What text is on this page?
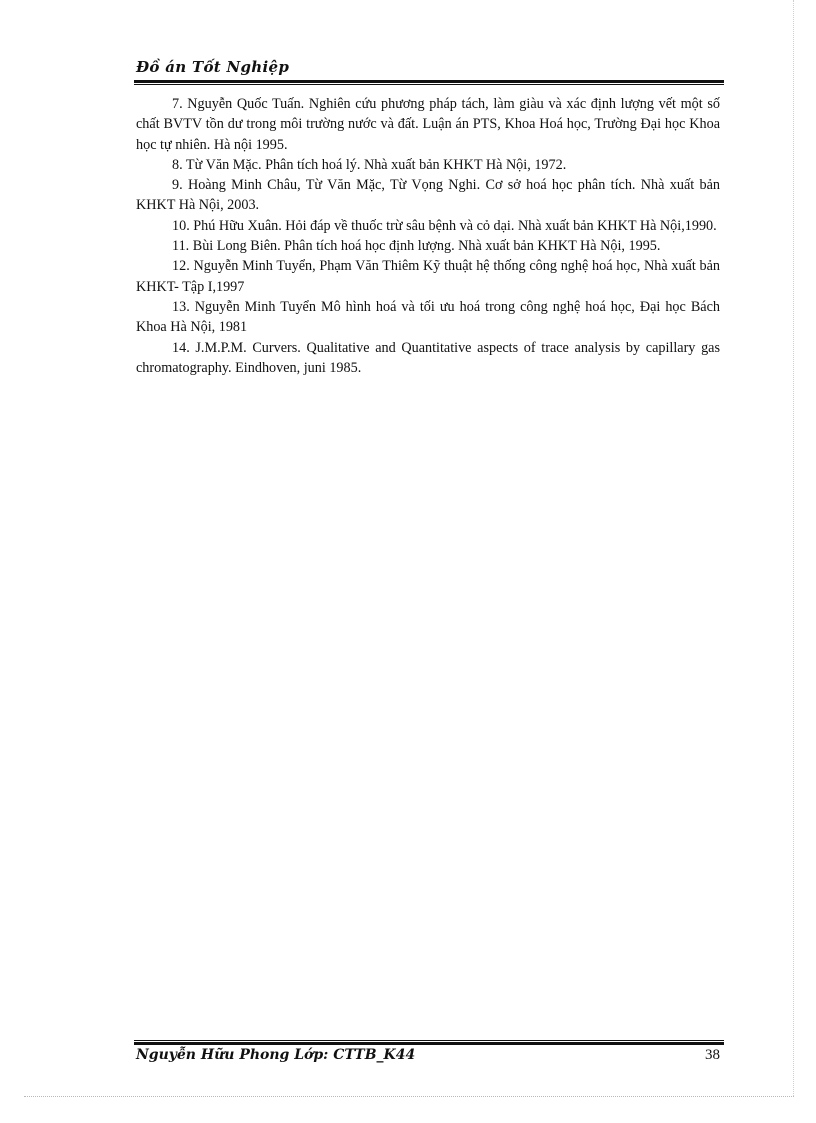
Đồ án Tốt Nghiệp

7. Nguyễn Quốc Tuấn. Nghiên cứu phương pháp tách, làm giàu và xác định lượng vết một số chất BVTV tồn dư trong môi trường nước và đất. Luận án PTS, Khoa Hoá học, Trường Đại học Khoa học tự nhiên. Hà nội 1995.

8. Từ Văn Mặc. Phân tích hoá lý. Nhà xuất bản KHKT Hà Nội, 1972.

9. Hoàng Minh Châu, Từ Văn Mặc, Từ Vọng Nghi. Cơ sở hoá học phân tích. Nhà xuất bản KHKT Hà Nội, 2003.

10. Phú Hữu Xuân. Hỏi đáp về thuốc trừ sâu bệnh và cỏ dại. Nhà xuất bản KHKT Hà Nội,1990.

11. Bùi Long Biên. Phân tích hoá học định lượng. Nhà xuất bản KHKT Hà Nội, 1995.

12. Nguyễn Minh Tuyển, Phạm Văn Thiêm Kỹ thuật hệ thống công nghệ hoá học, Nhà xuất bản KHKT- Tập I,1997

13. Nguyễn Minh Tuyển Mô hình hoá và tối ưu hoá trong công nghệ hoá học, Đại học Bách Khoa Hà Nội, 1981

14. J.M.P.M. Curvers. Qualitative and Quantitative aspects of trace analysis by capillary gas chromatography. Eindhoven, juni 1985.

Nguyễn Hữu Phong Lớp: CTTB_K44	38
